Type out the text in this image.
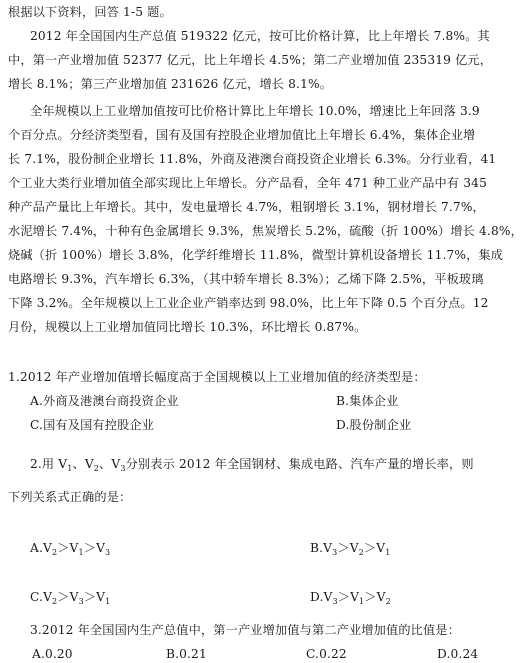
根据以下资料，回答 1-5 题。
2012 年全国国内生产总值 519322 亿元，按可比价格计算，比上年增长 7.8%。其
中，第一产业增加值 52377 亿元，比上年增长 4.5%；第二产业增加值 235319 亿元，
增长 8.1%；第三产业增加值 231626 亿元，增长 8.1%。
全年规模以上工业增加值按可比价格计算比上年增长 10.0%，增速比上年回落 3.9
个百分点。分经济类型看，国有及国有控股企业增加值比上年增长 6.4%，集体企业增
长 7.1%，股份制企业增长 11.8%，外商及港澳台商投资企业增长 6.3%。分行业看，41
个工业大类行业增加值全部实现比上年增长。分产品看，全年 471 种工业产品中有 345
种产品产量比上年增长。其中，发电量增长 4.7%，粗钢增长 3.1%，钢材增长 7.7%，
水泥增长 7.4%，十种有色金属增长 9.3%，焦炭增长 5.2%，硫酸（折 100%）增长 4.8%，
烧碱（折 100%）增长 3.8%，化学纤维增长 11.8%，微型计算机设备增长 11.7%，集成
电路增长 9.3%，汽车增长 6.3%，（其中轿车增长 8.3%）；乙烯下降 2.5%，平板玻璃
下降 3.2%。全年规模以上工业企业产销率达到 98.0%，比上年下降 0.5 个百分点。12
月份，规模以上工业增加值同比增长 10.3%，环比增长 0.87%。
1.2012 年产业增加值增长幅度高于全国规模以上工业增加值的经济类型是：
A.外商及港澳台商投资企业	B.集体企业
C.国有及国有控股企业	D.股份制企业
2.用 $V_1$、$V_2$、$V_3$分别表示 2012 年全国钢材、集成电路、汽车产量的增长率，则
下列关系式正确的是：
$A.V_2>V_1>V_3$	$B.V_3>V_2>V_1$
$C.V_2>V_3>V_1$	$D.V_3>V_1>V_2$
3.2012 年全国国内生产总值中，第一产业增加值与第二产业增加值的比值是：
A.0.20	B.0.21	C.0.22	D.0.24
